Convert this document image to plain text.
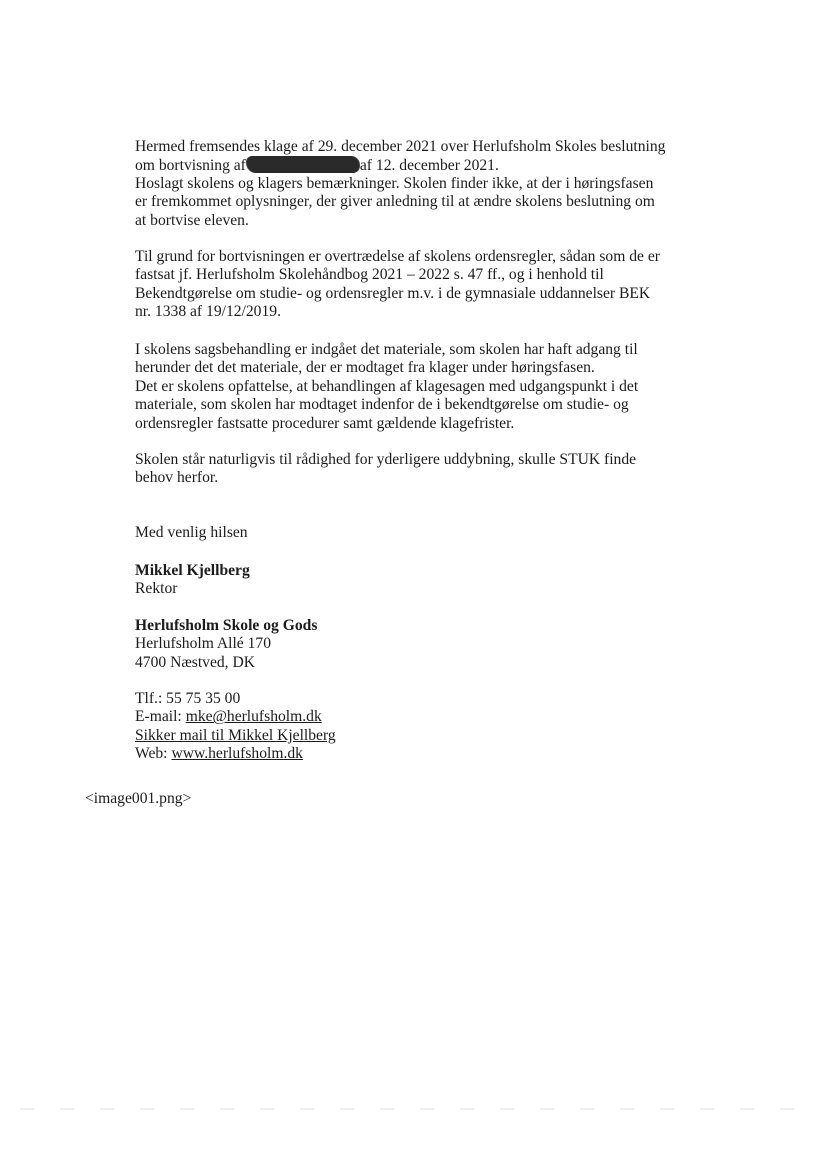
Hermed fremsendes klage af 29. december 2021 over Herlufsholm Skoles beslutning
om bortvisning af	af 12. december 2021.
Hoslagt skolens og klagers bemærkninger. Skolen finder ikke, at der i høringsfasen
er fremkommet oplysninger, der giver anledning til at ændre skolens beslutning om
at bortvise eleven.
Til grund for bortvisningen er overtrædelse af skolens ordensregler, sådan som de er
fastsat jf. Herlufsholm Skolehåndbog 2021 – 2022 s. 47 ff., og i henhold til
Bekendtgørelse om studie- og ordensregler m.v. i de gymnasiale uddannelser BEK
nr. 1338 af 19/12/2019.
I skolens sagsbehandling er indgået det materiale, som skolen har haft adgang til
herunder det det materiale, der er modtaget fra klager under høringsfasen.
Det er skolens opfattelse, at behandlingen af klagesagen med udgangspunkt i det
materiale, som skolen har modtaget indenfor de i bekendtgørelse om studie- og
ordensregler fastsatte procedurer samt gældende klagefrister.
Skolen står naturligvis til rådighed for yderligere uddybning, skulle STUK finde
behov herfor.
Med venlig hilsen
Mikkel Kjellberg
Rektor
Herlufsholm Skole og Gods
Herlufsholm Allé 170
4700 Næstved, DK
Tlf.: 55 75 35 00
E-mail: mke@herlufsholm.dk
Sikker mail til Mikkel Kjellberg
Web: www.herlufsholm.dk
<image001.png>
